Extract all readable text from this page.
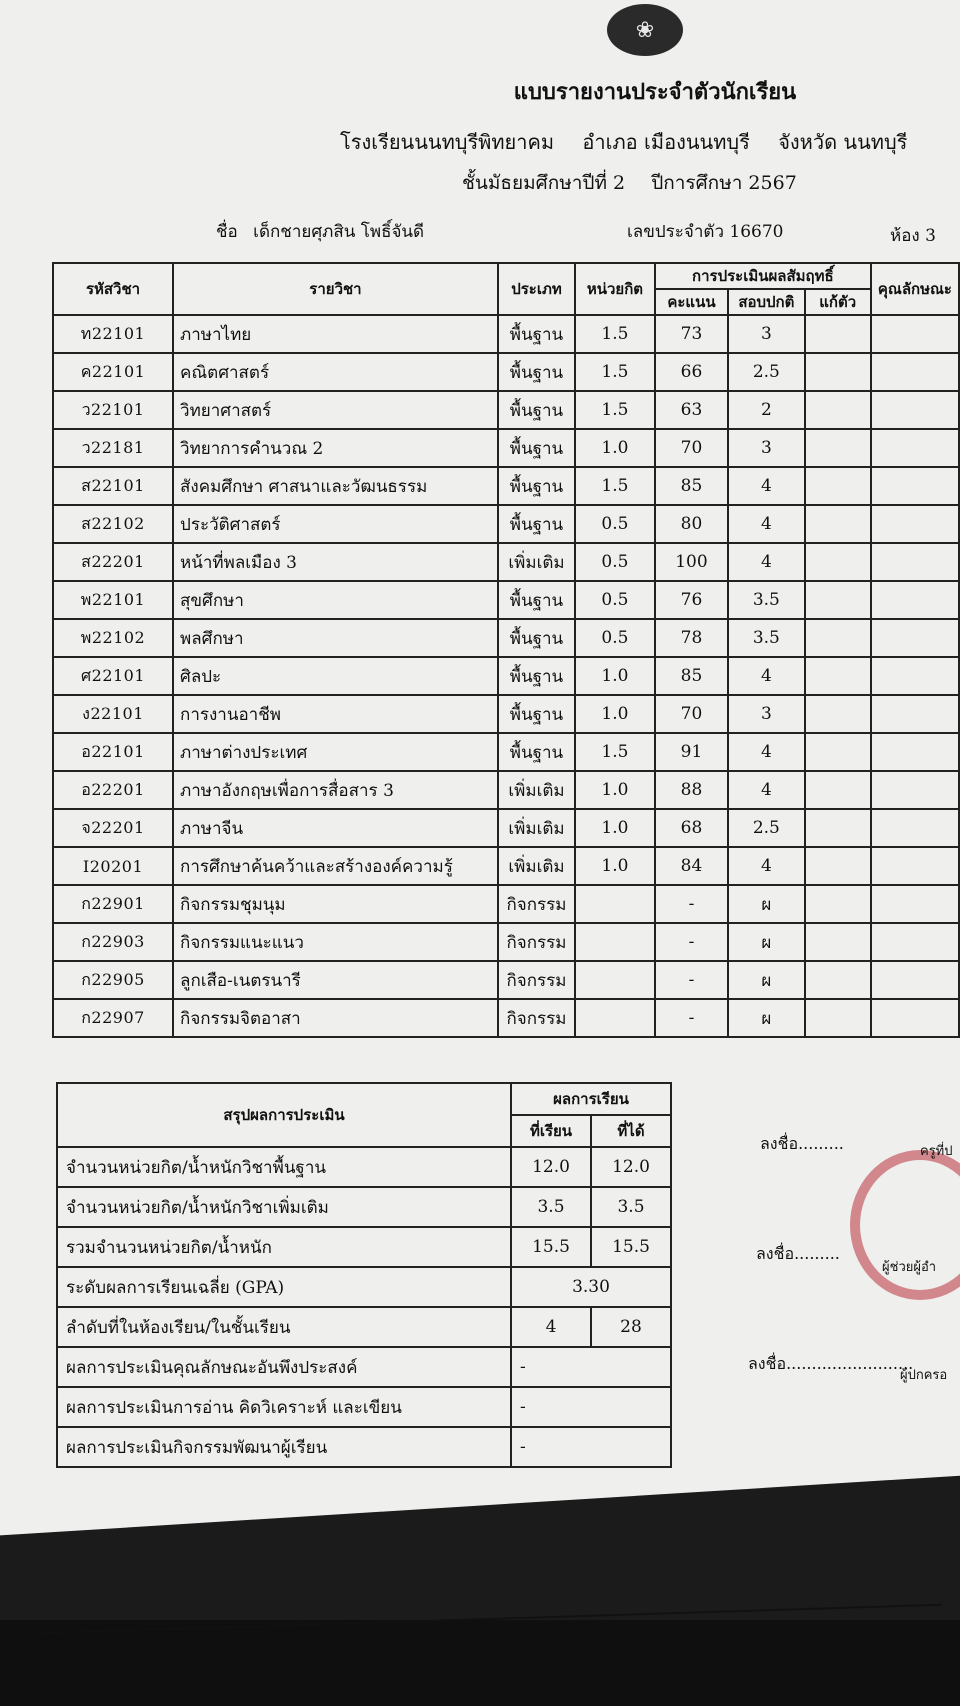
❀
แบบรายงานประจำตัวนักเรียน
โรงเรียนนนทบุรีพิทยาคม อำเภอ เมืองนนทบุรี จังหวัด นนทบุรี
ชั้นมัธยมศึกษาปีที่ 2 ปีการศึกษา 2567
ชื่อ เด็กชายศุภสิน โพธิ์จันดี	เลขประจำตัว 16670	ห้อง 3
รหัสวิชา	รายวิชา	ประเภท	หน่วยกิต	การประเมินผลสัมฤทธิ์			คุณลักษณะ
				คะแนน	สอบปกติ	แก้ตัว	
ท22101	ภาษาไทย	พื้นฐาน	1.5	73	3		
ค22101	คณิตศาสตร์	พื้นฐาน	1.5	66	2.5		
ว22101	วิทยาศาสตร์	พื้นฐาน	1.5	63	2		
ว22181	วิทยาการคำนวณ 2	พื้นฐาน	1.0	70	3		
ส22101	สังคมศึกษา ศาสนาและวัฒนธรรม	พื้นฐาน	1.5	85	4		
ส22102	ประวัติศาสตร์	พื้นฐาน	0.5	80	4		
ส22201	หน้าที่พลเมือง 3	เพิ่มเติม	0.5	100	4		
พ22101	สุขศึกษา	พื้นฐาน	0.5	76	3.5		
พ22102	พลศึกษา	พื้นฐาน	0.5	78	3.5		
ศ22101	ศิลปะ	พื้นฐาน	1.0	85	4		
ง22101	การงานอาชีพ	พื้นฐาน	1.0	70	3		
อ22101	ภาษาต่างประเทศ	พื้นฐาน	1.5	91	4		
อ22201	ภาษาอังกฤษเพื่อการสื่อสาร 3	เพิ่มเติม	1.0	88	4		
จ22201	ภาษาจีน	เพิ่มเติม	1.0	68	2.5		
I20201	การศึกษาค้นคว้าและสร้างองค์ความรู้	เพิ่มเติม	1.0	84	4		
ก22901	กิจกรรมชุมนุม	กิจกรรม		-	ผ		
ก22903	กิจกรรมแนะแนว	กิจกรรม		-	ผ		
ก22905	ลูกเสือ-เนตรนารี	กิจกรรม		-	ผ		
ก22907	กิจกรรมจิตอาสา	กิจกรรม		-	ผ		
สรุปผลการประเมิน	ผลการเรียน	
	ที่เรียน	ที่ได้
จำนวนหน่วยกิต/น้ำหนักวิชาพื้นฐาน	12.0	12.0
จำนวนหน่วยกิต/น้ำหนักวิชาเพิ่มเติม	3.5	3.5
รวมจำนวนหน่วยกิต/น้ำหนัก	15.5	15.5
ระดับผลการเรียนเฉลี่ย (GPA)	3.30	
ลำดับที่ในห้องเรียน/ในชั้นเรียน	4	28
ผลการประเมินคุณลักษณะอันพึงประสงค์	-	
ผลการประเมินการอ่าน คิดวิเคราะห์ และเขียน	-	
ผลการประเมินกิจกรรมพัฒนาผู้เรียน	-	
ลงชื่อ.........	ครูที่ป
ลงชื่อ.........
ผู้ช่วยผู้อำ
ลงชื่อ.........................
ผู้ปกครอ
รายงานจาก:โปรแกรม Students'2551 Version V3
